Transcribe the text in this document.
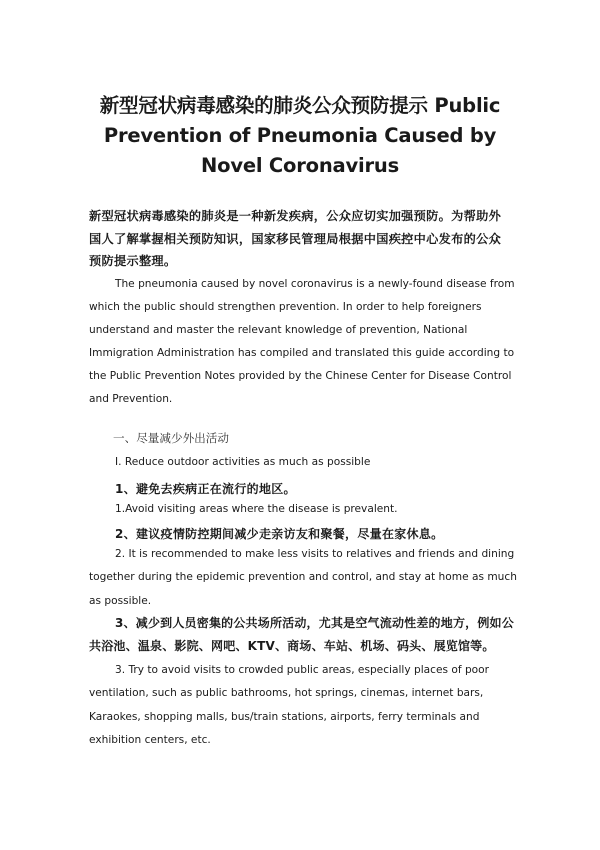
新型冠状病毒感染的肺炎公众预防提示 Public Prevention of Pneumonia Caused by Novel Coronavirus
新型冠状病毒感染的肺炎是一种新发疾病，公众应切实加强预防。为帮助外国人了解掌握相关预防知识，国家移民管理局根据中国疾控中心发布的公众预防提示整理。
The pneumonia caused by novel coronavirus is a newly-found disease from which the public should strengthen prevention. In order to help foreigners understand and master the relevant knowledge of prevention, National Immigration Administration has compiled and translated this guide according to the Public Prevention Notes provided by the Chinese Center for Disease Control and Prevention.
一、尽量减少外出活动
I. Reduce outdoor activities as much as possible
1、避免去疾病正在流行的地区。
1.Avoid visiting areas where the disease is prevalent.
2、建议疫情防控期间减少走亲访友和聚餐，尽量在家休息。
2. It is recommended to make less visits to relatives and friends and dining together during the epidemic prevention and control, and stay at home as much as possible.
3、减少到人员密集的公共场所活动，尤其是空气流动性差的地方，例如公共浴池、温泉、影院、网吧、KTV、商场、车站、机场、码头、展览馆等。
3. Try to avoid visits to crowded public areas, especially places of poor ventilation, such as public bathrooms, hot springs, cinemas, internet bars, Karaokes, shopping malls, bus/train stations, airports, ferry terminals and exhibition centers, etc.
